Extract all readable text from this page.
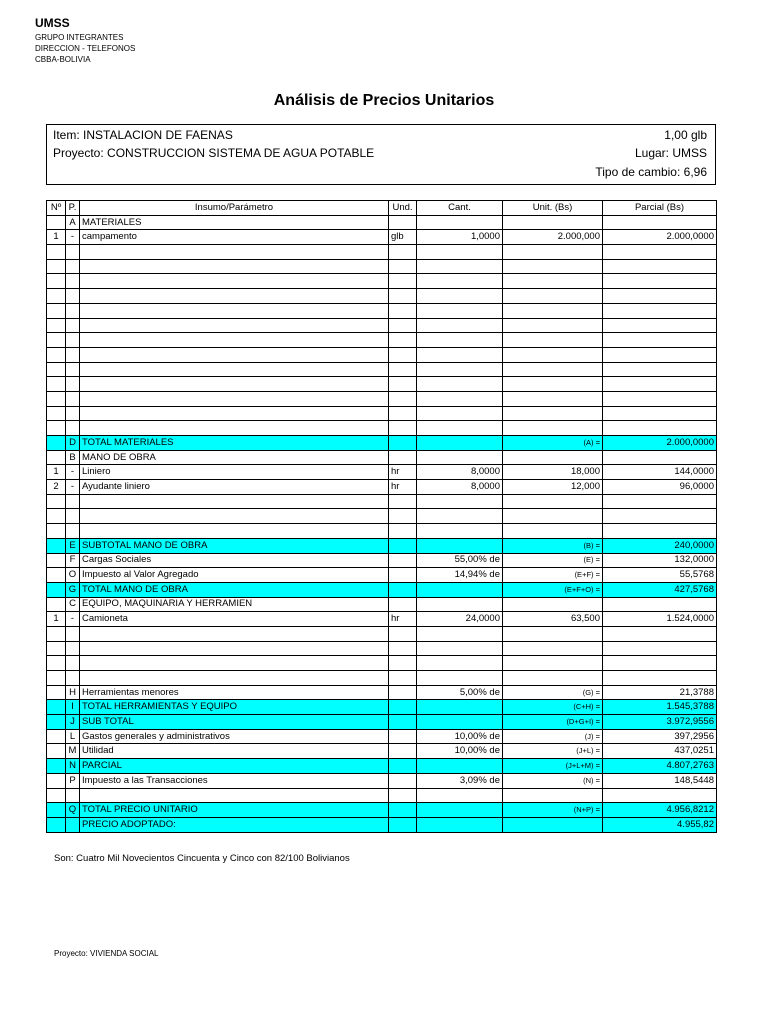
UMSS
GRUPO INTEGRANTES
DIRECCION - TELEFONOS
CBBA-BOLIVIA
Análisis de Precios Unitarios
Item: INSTALACION DE FAENAS	1,00 glb
Proyecto: CONSTRUCCION SISTEMA DE AGUA POTABLE	Lugar: UMSS
Tipo de cambio: 6,96
Nº	P.	Insumo/Parámetro	Und.	Cant.	Unit. (Bs)	Parcial (Bs)
	A	MATERIALES				
1	-	campamento	glb	1,0000	2.000,000	2.000,0000

	D	TOTAL MATERIALES			(A) =	2.000,0000
	B	MANO DE OBRA				
1	-	Liniero	hr	8,0000	18,000	144,0000
2	-	Ayudante liniero	hr	8,0000	12,000	96,0000

	E	SUBTOTAL MANO DE OBRA			(B) =	240,0000
	F	Cargas Sociales		55,00% de	(E) =	132,0000
	O	Impuesto al Valor Agregado		14,94% de	(E+F) =	55,5768
	G	TOTAL MANO DE OBRA			(E+F+O) =	427,5768
	C	EQUIPO, MAQUINARIA Y HERRAMIEN				
1	-	Camioneta	hr	24,0000	63,500	1.524,0000

	H	Herramientas menores		5,00% de	(G) =	21,3788
	I	TOTAL HERRAMIENTAS Y EQUIPO			(C+H) =	1.545,3788
	J	SUB TOTAL			(D+G+I) =	3.972,9556
	L	Gastos generales y administrativos		10,00% de	(J) =	397,2956
	M	Utilidad		10,00% de	(J+L) =	437,0251
	N	PARCIAL			(J+L+M) =	4.807,2763
	P	Impuesto a las Transacciones		3,09% de	(N) =	148,5448

	Q	TOTAL PRECIO UNITARIO			(N+P) =	4.956,8212
		PRECIO ADOPTADO:				4.955,82
Son: Cuatro Mil Novecientos Cincuenta y Cinco con 82/100 Bolivianos
Proyecto: VIVIENDA SOCIAL
